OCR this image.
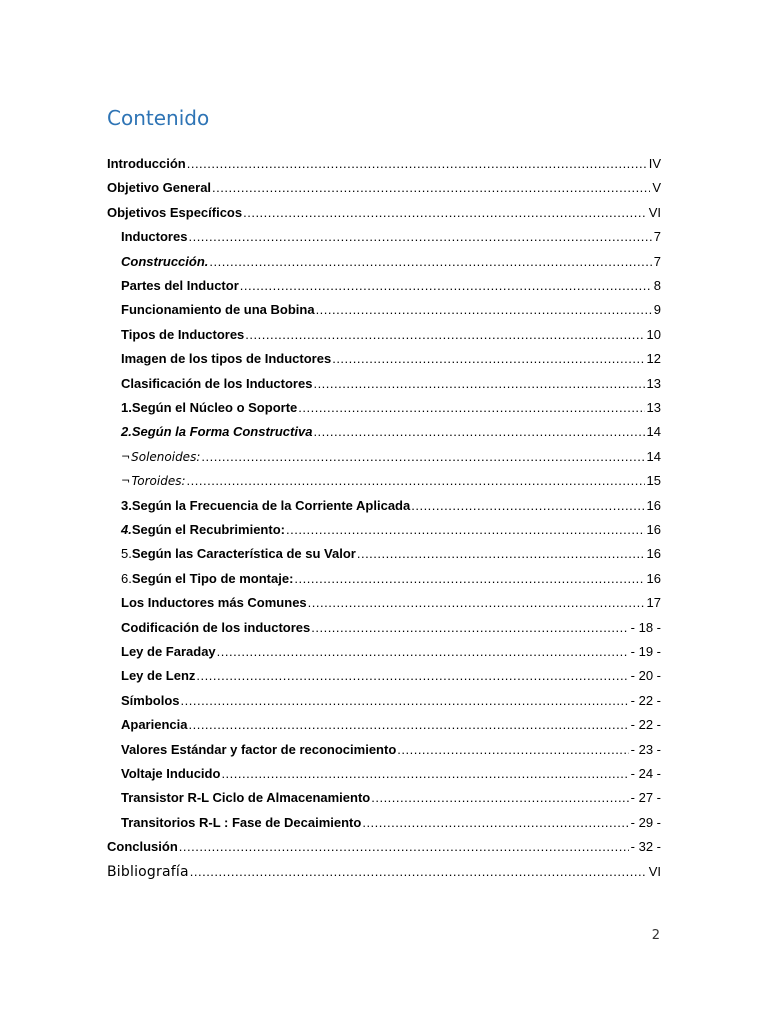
Contenido
Introducción .....	IV
Objetivo General .....	V
Objetivos Específicos .....	VI
Inductores .....	7
Construcción. .....	7
Partes del Inductor .....	8
Funcionamiento de una Bobina .....	9
Tipos de Inductores .....	10
Imagen de los tipos de Inductores .....	12
Clasificación de los Inductores .....	13
1. Según el Núcleo o Soporte .....	13
2. Según la Forma Constructiva .....	14
¬ Solenoides: .....	14
¬ Toroides: .....	15
3. Según la Frecuencia de la Corriente Aplicada .....	16
4. Según el Recubrimiento: .....	16
5. Según las Característica de su Valor .....	16
6. Según el Tipo de montaje: .....	16
Los Inductores más Comunes .....	17
Codificación de los inductores .....	- 18 -
Ley de Faraday .....	- 19 -
Ley de Lenz .....	- 20 -
Símbolos .....	- 22 -
Apariencia .....	- 22 -
Valores Estándar y factor de reconocimiento .....	- 23 -
Voltaje Inducido .....	- 24 -
Transistor R-L Ciclo de Almacenamiento .....	- 27 -
Transitorios R-L : Fase de Decaimiento .....	- 29 -
Conclusión .....	- 32 -
Bibliografía .....	VI
2
